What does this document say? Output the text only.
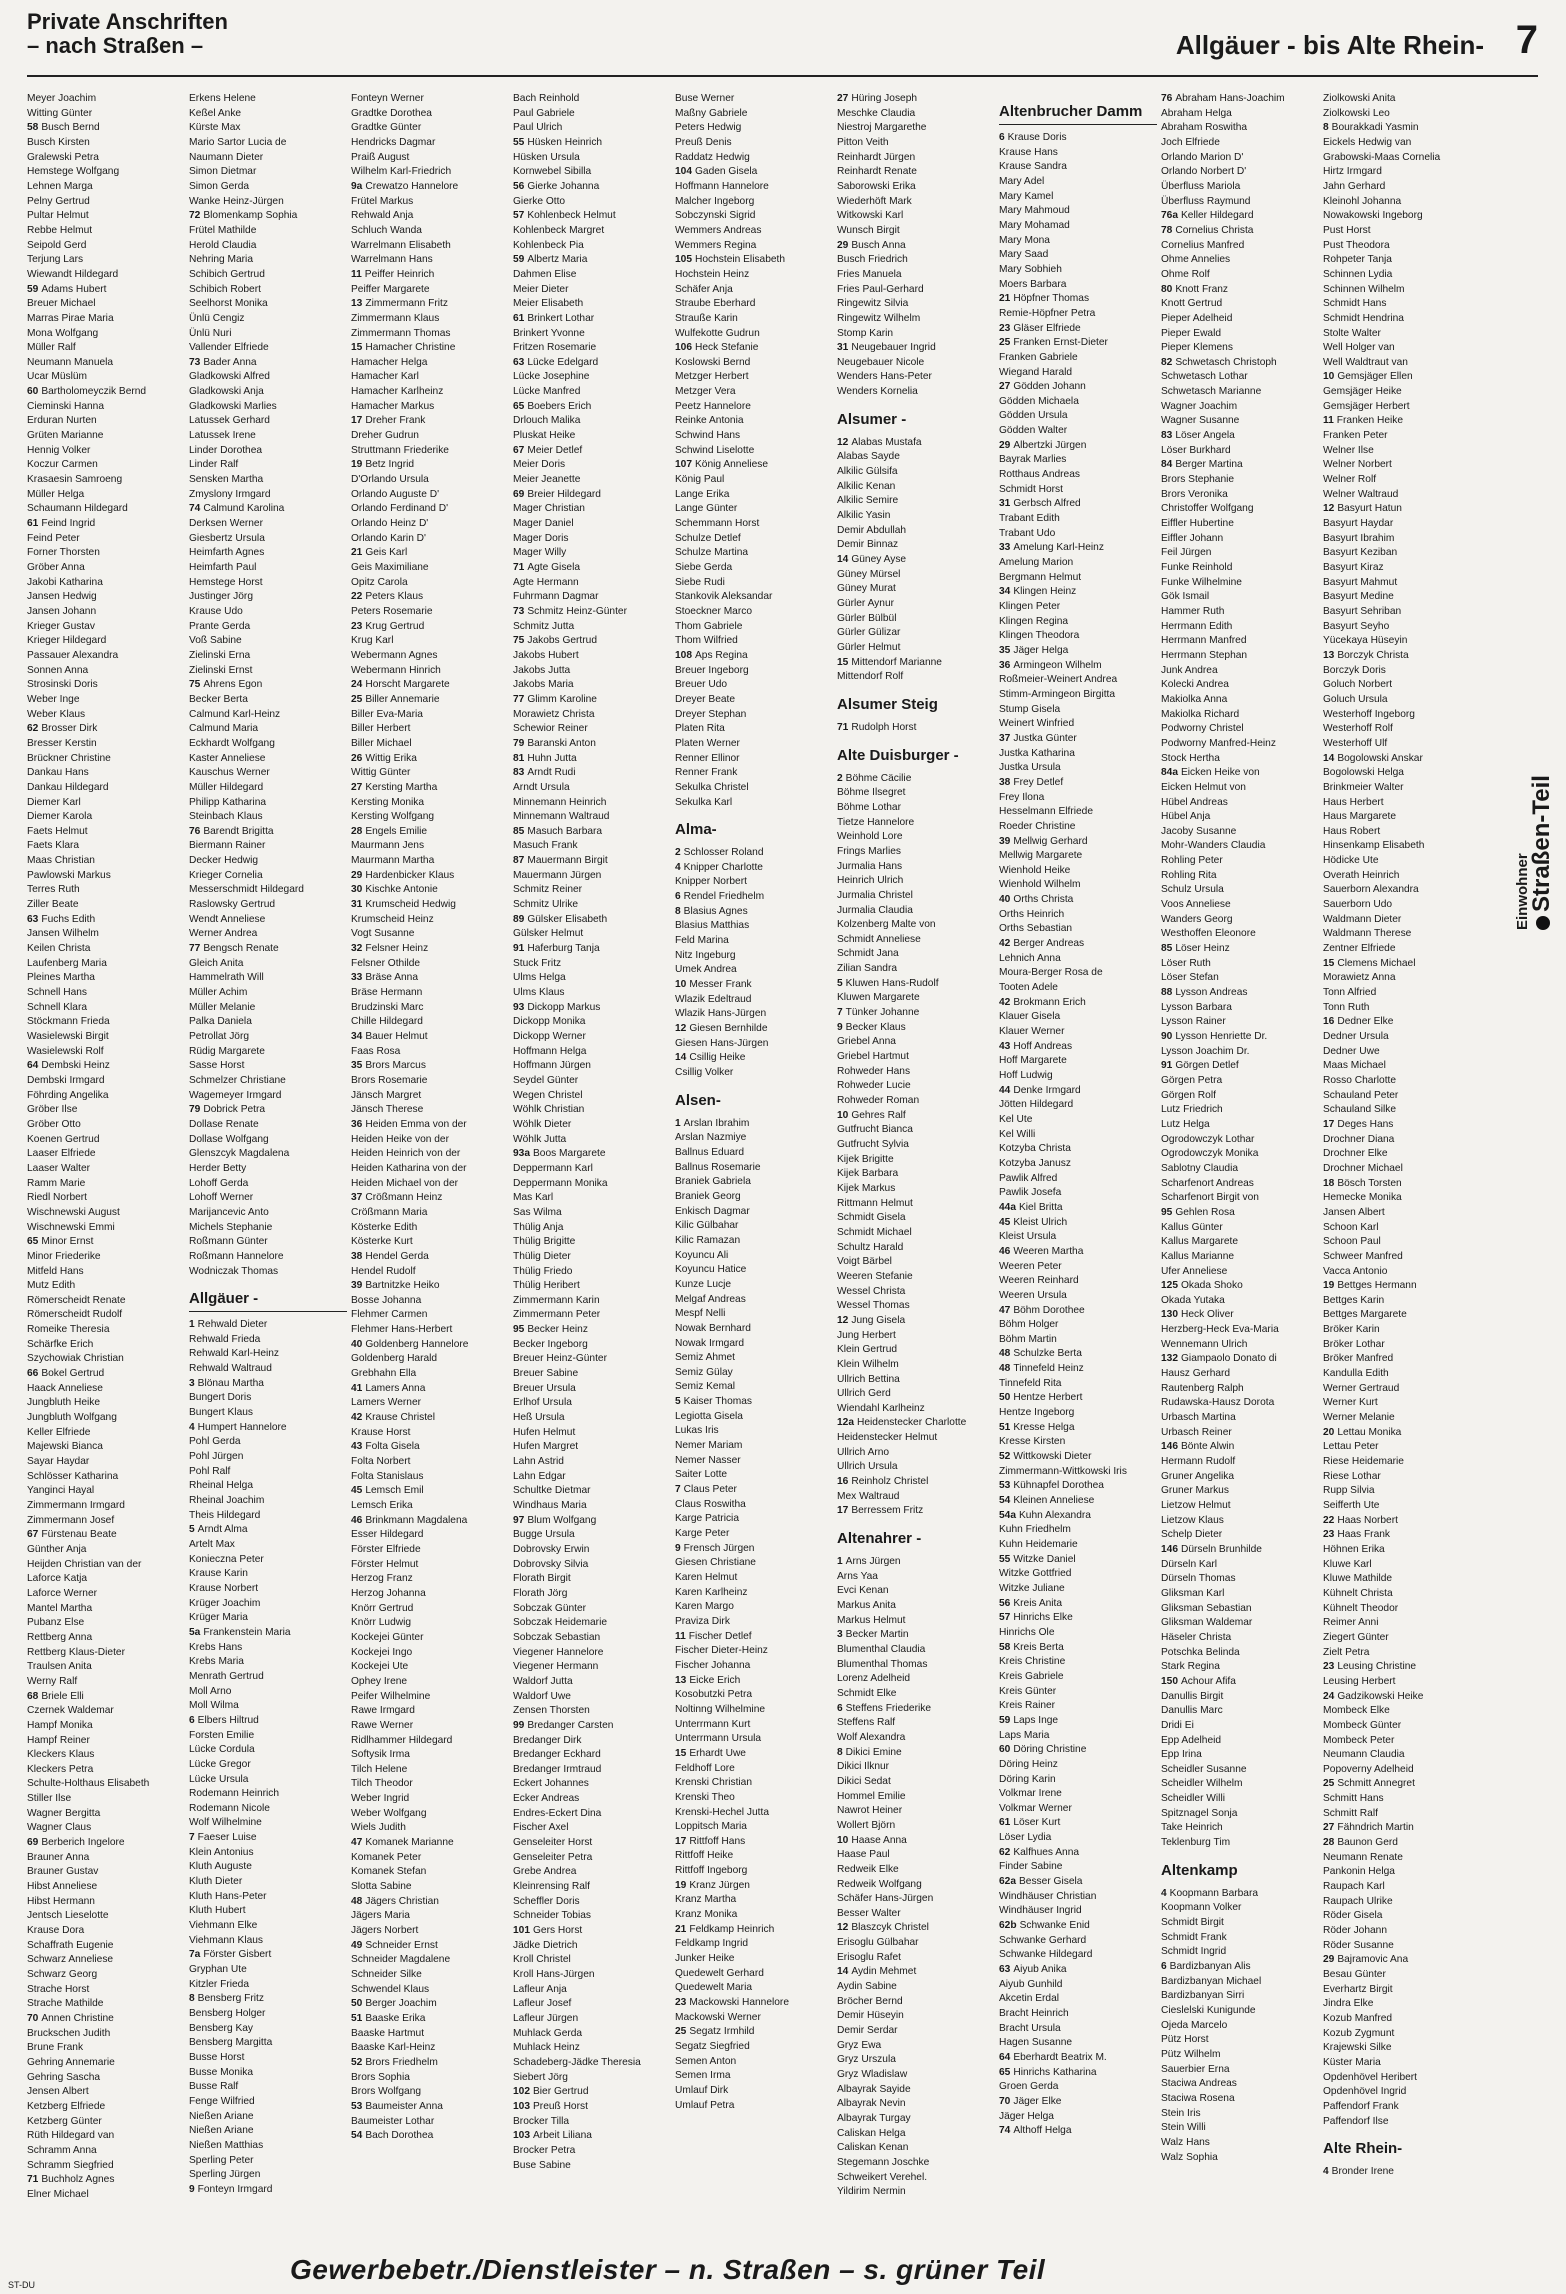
Private Anschriften
– nach Straßen –	Allgäuer - bis Alte Rhein- 7
Meyer Joachim
Witting Günter
58 Busch Bernd
Busch Kirsten
Gralewski Petra
Hemstege Wolfgang
Lehnen Marga
Pelny Gertrud
Pultar Helmut
Rebbe Helmut
Seipold Gerd
Terjung Lars
Wiewandt Hildegard
59 Adams Hubert
Breuer Michael
Marras Pirae Maria
Mona Wolfgang
Müller Ralf
Neumann Manuela
Ucar Müslüm
60 Bartholomeyczik Bernd
Cieminski Hanna
Erduran Nurten
Grüten Marianne
Hennig Volker
Koczur Carmen
Krasaesin Samroeng
Müller Helga
Schaumann Hildegard
61 Feind Ingrid
Feind Peter
Forner Thorsten
Gröber Anna
Jakobi Katharina
Jansen Hedwig
Jansen Johann
Krieger Gustav
Krieger Hildegard
Passauer Alexandra
Sonnen Anna
Strosinski Doris
Weber Inge
Weber Klaus
62 Brosser Dirk
Bresser Kerstin
Brückner Christine
Dankau Hans
Dankau Hildegard
Diemer Karl
Diemer Karola
Faets Helmut
Faets Klara
Maas Christian
Pawlowski Markus
Terres Ruth
Ziller Beate
63 Fuchs Edith
Jansen Wilhelm
Keilen Christa
Laufenberg Maria
Pleines Martha
Schnell Hans
Schnell Klara
Stöckmann Frieda
Wasielewski Birgit
Wasielewski Rolf
64 Dembski Heinz
Dembski Irmgard
Föhrding Angelika
Gröber Ilse
Gröber Otto
Koenen Gertrud
Laaser Elfriede
Laaser Walter
Ramm Marie
Riedl Norbert
Wischnewski August
Wischnewski Emmi
65 Minor Ernst
Minor Friederike
Mitfeld Hans
Mutz Edith
Römerscheidt Renate
Römerscheidt Rudolf
Romeike Theresia
Schärfke Erich
Szychowiak Christian
66 Bokel Gertrud
Haack Anneliese
Jungbluth Heike
Jungbluth Wolfgang
Keller Elfriede
Majewski Bianca
Sayar Haydar
Schlösser Katharina
Yanginci Hayal
Zimmermann Irmgard
Zimmermann Josef
67 Fürstenau Beate
Günther Anja
Heijden Christian van der
Laforce Katja
Laforce Werner
Mantel Martha
Pubanz Else
Rettberg Anna
Rettberg Klaus-Dieter
Traulsen Anita
Werny Ralf
68 Briele Elli
Czernek Waldemar
Hampf Monika
Hampf Reiner
Kleckers Klaus
Kleckers Petra
Schulte-Holthaus Elisabeth
Stiller Ilse
Wagner Bergitta
Wagner Claus
69 Berberich Ingelore
Brauner Anna
Brauner Gustav
Hibst Anneliese
Hibst Hermann
Jentsch Lieselotte
Krause Dora
Schaffrath Eugenie
Schwarz Anneliese
Schwarz Georg
Strache Horst
Strache Mathilde
70 Annen Christine
Bruckschen Judith
Brune Frank
Gehring Annemarie
Gehring Sascha
Jensen Albert
Ketzberg Elfriede
Ketzberg Günter
Rüth Hildegard van
Schramm Anna
Schramm Siegfried
71 Buchholz Agnes
Elner Michael
Erkens Helene
Keßel Anke
Kürste Max
Mario Sartor Lucia de
Naumann Dieter
Simon Dietmar
Simon Gerda
Wanke Heinz-Jürgen
72 Blomenkamp Sophia
Frütel Mathilde
Herold Claudia
Nehring Maria
Schibich Gertrud
Schibich Robert
Seelhorst Monika
Ünlü Cengiz
Ünlü Nuri
Vallender Elfriede
73 Bader Anna
Gladkowski Alfred
Gladkowski Anja
Gladkowski Marlies
Latussek Gerhard
Latussek Irene
Linder Dorothea
Linder Ralf
Sensken Martha
Zmyslony Irmgard
74 Calmund Karolina
Derksen Werner
Giesbertz Ursula
Heimfarth Agnes
Heimfarth Paul
Hemstege Horst
Justinger Jörg
Krause Udo
Prante Gerda
Voß Sabine
Zielinski Erna
Zielinski Ernst
75 Ahrens Egon
Becker Berta
Calmund Karl-Heinz
Calmund Maria
Eckhardt Wolfgang
Kaster Anneliese
Kauschus Werner
Müller Hildegard
Philipp Katharina
Steinbach Klaus
76 Barendt Brigitta
Biermann Rainer
Decker Hedwig
Krieger Cornelia
Messerschmidt Hildegard
Raslowsky Gertrud
Wendt Anneliese
Werner Andrea
77 Bengsch Renate
Gleich Anita
Hammelrath Will
Müller Achim
Müller Melanie
Palka Daniela
Petrollat Jörg
Rüdig Margarete
Sasse Horst
Schmelzer Christiane
Wagemeyer Irmgard
79 Dobrick Petra
Dollase Renate
Dollase Wolfgang
Glenszcyk Magdalena
Herder Betty
Lohoff Gerda
Lohoff Werner
Marijancevic Anto
Michels Stephanie
Roßmann Günter
Roßmann Hannelore
Wodniczak Thomas
Allgäuer -
1 Rehwald Dieter
Rehwald Frieda
Rehwald Karl-Heinz
Rehwald Waltraud
3 Blönau Martha
Bungert Doris
Bungert Klaus
4 Humpert Hannelore
Pohl Gerda
Pohl Jürgen
Pohl Ralf
Rheinal Helga
Rheinal Joachim
Theis Hildegard
5 Arndt Alma
Artelt Max
Konieczna Peter
Krause Karin
Krause Norbert
Krüger Joachim
Krüger Maria
5a Frankenstein Maria
Krebs Hans
Krebs Maria
Menrath Gertrud
Moll Arno
Moll Wilma
6 Elbers Hiltrud
Forsten Emilie
Lücke Cordula
Lücke Gregor
Lücke Ursula
Rodemann Heinrich
Rodemann Nicole
Wolf Wilhelmine
7 Faeser Luise
Klein Antonius
Kluth Auguste
Kluth Dieter
Kluth Hans-Peter
Kluth Hubert
Viehmann Elke
Viehmann Klaus
7a Förster Gisbert
Gryphan Ute
Kitzler Frieda
8 Bensberg Fritz
Bensberg Holger
Bensberg Kay
Bensberg Margitta
Busse Horst
Busse Monika
Busse Ralf
Fenge Wilfried
Nießen Ariane
Nießen Ariane
Nießen Matthias
Sperling Peter
Sperling Jürgen
9 Fonteyn Irmgard
Fonteyn Werner
Gradtke Dorothea
Gradtke Günter
Hendricks Dagmar
Praiß August
Wilhelm Karl-Friedrich
9a Crewatzo Hannelore
Frütel Markus
Rehwald Anja
Schluch Wanda
Warrelmann Elisabeth
Warrelmann Hans
11 Peiffer Heinrich
Peiffer Margarete
13 Zimmermann Fritz
Zimmermann Klaus
Zimmermann Thomas
15 Hamacher Christine
Hamacher Helga
Hamacher Karl
Hamacher Karlheinz
Hamacher Markus
17 Dreher Frank
Dreher Gudrun
Struttmann Friederike
19 Betz Ingrid
D'Orlando Ursula
Orlando Auguste D'
Orlando Ferdinand D'
Orlando Heinz D'
Orlando Karin D'
21 Geis Karl
Geis Maximiliane
Opitz Carola
22 Peters Klaus
Peters Rosemarie
23 Krug Gertrud
Krug Karl
Webermann Agnes
Webermann Hinrich
24 Horscht Margarete
25 Biller Annemarie
Biller Eva-Maria
Biller Herbert
Biller Michael
26 Wittig Erika
Wittig Günter
27 Kersting Martha
Kersting Monika
Kersting Wolfgang
28 Engels Emilie
Maurmann Jens
Maurmann Martha
29 Hardenbicker Klaus
30 Kischke Antonie
31 Krumscheid Hedwig
Krumscheid Heinz
Vogt Susanne
32 Felsner Heinz
Felsner Othilde
33 Bräse Anna
Bräse Hermann
Brudzinski Marc
Chille Hildegard
34 Bauer Helmut
Faas Rosa
35 Brors Marcus
Brors Rosemarie
Jänsch Margret
Jänsch Therese
36 Heiden Emma von der
Heiden Heike von der
Heiden Heinrich von der
Heiden Katharina von der
Heiden Michael von der
37 Crößmann Heinz
Crößmann Maria
Kösterke Edith
Kösterke Kurt
38 Hendel Gerda
Hendel Rudolf
39 Bartnitzke Heiko
Bosse Johanna
Flehmer Carmen
Flehmer Hans-Herbert
40 Goldenberg Hannelore
Goldenberg Harald
Grebhahn Ella
41 Lamers Anna
Lamers Werner
42 Krause Christel
Krause Horst
43 Folta Gisela
Folta Norbert
Folta Stanislaus
45 Lemsch Emil
Lemsch Erika
46 Brinkmann Magdalena
Esser Hildegard
Förster Elfriede
Förster Helmut
Herzog Franz
Herzog Johanna
Knörr Gertrud
Knörr Ludwig
Kockejei Günter
Kockejei Ingo
Kockejei Ute
Ophey Irene
Peifer Wilhelmine
Rawe Irmgard
Rawe Werner
Ridlhammer Hildegard
Softysik Irma
Tilch Helene
Tilch Theodor
Weber Ingrid
Weber Wolfgang
Wiels Judith
47 Komanek Marianne
Komanek Peter
Komanek Stefan
Slotta Sabine
48 Jägers Christian
Jägers Maria
Jägers Norbert
49 Schneider Ernst
Schneider Magdalene
Schneider Silke
Schwendel Klaus
50 Berger Joachim
51 Baaske Erika
Baaske Hartmut
Baaske Karl-Heinz
52 Brors Friedhelm
Brors Sophia
Brors Wolfgang
53 Baumeister Anna
Baumeister Lothar
54 Bach Dorothea
Bach Reinhold
Paul Gabriele
Paul Ulrich
55 Hüsken Heinrich
Hüsken Ursula
Kornwebel Sibilla
56 Gierke Johanna
Gierke Otto
57 Kohlenbeck Helmut
Kohlenbeck Margret
Kohlenbeck Pia
59 Albertz Maria
Dahmen Elise
Meier Dieter
Meier Elisabeth
61 Brinkert Lothar
Brinkert Yvonne
Fritzen Rosemarie
63 Lücke Edelgard
Lücke Josephine
Lücke Manfred
65 Boebers Erich
Drlouch Malika
Pluskat Heike
67 Meier Detlef
Meier Doris
Meier Jeanette
69 Breier Hildegard
Mager Christian
Mager Daniel
Mager Doris
Mager Willy
71 Agte Gisela
Agte Hermann
Fuhrmann Dagmar
73 Schmitz Heinz-Günter
Schmitz Jutta
75 Jakobs Gertrud
Jakobs Hubert
Jakobs Jutta
Jakobs Maria
77 Glimm Karoline
Morawietz Christa
Schewior Reiner
79 Baranski Anton
81 Huhn Jutta
83 Arndt Rudi
Arndt Ursula
Minnemann Heinrich
Minnemann Waltraud
85 Masuch Barbara
Masuch Frank
87 Mauermann Birgit
Mauermann Jürgen
Schmitz Reiner
Schmitz Ulrike
89 Gülsker Elisabeth
Gülsker Helmut
91 Haferburg Tanja
Stuck Fritz
Ulms Helga
Ulms Klaus
93 Dickopp Markus
Dickopp Monika
Dickopp Werner
Hoffmann Helga
Hoffmann Jürgen
Seydel Günter
Wegen Christel
Wöhlk Christian
Wöhlk Dieter
Wöhlk Jutta
93a Boos Margarete
Deppermann Karl
Deppermann Monika
Mas Karl
Sas Wilma
Thülig Anja
Thülig Brigitte
Thülig Dieter
Thülig Friedo
Thülig Heribert
Zimmermann Karin
Zimmermann Peter
95 Becker Heinz
Becker Ingeborg
Breuer Heinz-Günter
Breuer Sabine
Breuer Ursula
Erlhof Ursula
Heß Ursula
Hufen Helmut
Hufen Margret
Lahn Astrid
Lahn Edgar
Schultke Dietmar
Windhaus Maria
97 Blum Wolfgang
Bugge Ursula
Dobrovsky Erwin
Dobrovsky Silvia
Florath Birgit
Florath Jörg
Sobczak Günter
Sobczak Heidemarie
Sobczak Sebastian
Viegener Hannelore
Viegener Hermann
Waldorf Jutta
Waldorf Uwe
Zensen Thorsten
99 Bredanger Carsten
Bredanger Dirk
Bredanger Eckhard
Bredanger Irmtraud
Eckert Johannes
Ecker Andreas
Endres-Eckert Dina
Fischer Axel
Genseleiter Horst
Genseleiter Petra
Grebe Andrea
Kleinrensing Ralf
Scheffler Doris
Schneider Tobias
101 Gers Horst
Jädke Dietrich
Kroll Christel
Kroll Hans-Jürgen
Lafleur Anja
Lafleur Josef
Lafleur Jürgen
Muhlack Gerda
Muhlack Heinz
Schadeberg-Jädke Theresia
Siebert Jörg
102 Bier Gertrud
103 Preuß Horst
Brocker Tilla
103 Arbeit Liliana
Brocker Petra
Buse Sabine
Buse Werner
Maßny Gabriele
Peters Hedwig
Preuß Denis
Raddatz Hedwig
104 Gaden Gisela
Hoffmann Hannelore
Malcher Ingeborg
Sobczynski Sigrid
Wemmers Andreas
Wemmers Regina
105 Hochstein Elisabeth
Hochstein Heinz
Schäfer Anja
Straube Eberhard
Strauße Karin
Wulfekotte Gudrun
106 Heck Stefanie
Koslowski Bernd
Metzger Herbert
Metzger Vera
Peetz Hannelore
Reinke Antonia
Schwind Hans
Schwind Liselotte
107 König Anneliese
König Paul
Lange Erika
Lange Günter
Schemmann Horst
Schulze Detlef
Schulze Martina
Siebe Gerda
Siebe Rudi
Stankovik Aleksandar
Stoeckner Marco
Thom Gabriele
Thom Wilfried
108 Aps Regina
Breuer Ingeborg
Breuer Udo
Dreyer Beate
Dreyer Stephan
Platen Rita
Platen Werner
Renner Ellinor
Renner Frank
Sekulka Christel
Sekulka Karl
Alma-
2 Schlosser Roland
4 Knipper Charlotte
Knipper Norbert
6 Rendel Friedhelm
8 Blasius Agnes
Blasius Matthias
Feld Marina
Nitz Ingeburg
Umek Andrea
10 Messer Frank
Wlazik Edeltraud
Wlazik Hans-Jürgen
12 Giesen Bernhilde
Giesen Hans-Jürgen
14 Csillig Heike
Csillig Volker
Alsen-
1 Arslan Ibrahim
Arslan Nazmiye
Ballnus Eduard
Ballnus Rosemarie
Braniek Gabriela
Braniek Georg
Enkisch Dagmar
Kilic Gülbahar
Kilic Ramazan
Koyuncu Ali
Koyuncu Hatice
Kunze Lucje
Melgaf Andreas
Mespf Nelli
Nowak Bernhard
Nowak Irmgard
Semiz Ahmet
Semiz Gülay
Semiz Kemal
5 Kaiser Thomas
Legiotta Gisela
Lukas Iris
Nemer Mariam
Nemer Nasser
Saiter Lotte
7 Claus Peter
Claus Roswitha
Karge Patricia
Karge Peter
9 Frensch Jürgen
Giesen Christiane
Karen Helmut
Karen Karlheinz
Karen Margo
Praviza Dirk
11 Fischer Detlef
Fischer Dieter-Heinz
Fischer Johanna
13 Eicke Erich
Kosobutzki Petra
Noltinng Wilhelmine
Unterrmann Kurt
Unterrmann Ursula
15 Erhardt Uwe
Feldhoff Lore
Krenski Christian
Krenski Theo
Krenski-Hechel Jutta
Loppitsch Maria
17 Rittfoff Hans
Rittfoff Heike
Rittfoff Ingeborg
19 Kranz Jürgen
Kranz Martha
Kranz Monika
21 Feldkamp Heinrich
Feldkamp Ingrid
Junker Heike
Quedewelt Gerhard
Quedewelt Maria
23 Mackowski Hannelore
Mackowski Werner
25 Segatz Irmhild
Segatz Siegfried
Semen Anton
Semen Irma
Umlauf Dirk
Umlauf Petra
27 Hüring Joseph
Meschke Claudia
Niestroj Margarethe
Pitton Veith
Reinhardt Jürgen
Reinhardt Renate
Saborowski Erika
Wiederhöft Mark
Witkowski Karl
Wunsch Birgit
29 Busch Anna
Busch Friedrich
Fries Manuela
Fries Paul-Gerhard
Ringewitz Silvia
Ringewitz Wilhelm
Stomp Karin
31 Neugebauer Ingrid
Neugebauer Nicole
Wenders Hans-Peter
Wenders Kornelia
Alsumer -
12 Alabas Mustafa
Alabas Sayde
Alkilic Gülsifa
Alkilic Kenan
Alkilic Semire
Alkilic Yasin
Demir Abdullah
Demir Binnaz
14 Güney Ayse
Güney Mürsel
Güney Murat
Gürler Aynur
Gürler Bülbül
Gürler Gülizar
Gürler Helmut
15 Mittendorf Marianne
Mittendorf Rolf
Alsumer Steig
71 Rudolph Horst
Alte Duisburger -
2 Böhme Cäcilie
Böhme Ilsegret
Böhme Lothar
Tietze Hannelore
Weinhold Lore
Frings Marlies
Jurmalia Hans
Heinrich Ulrich
Jurmalia Christel
Jurmalia Claudia
Kolzenberg Malte von
Schmidt Anneliese
Schmidt Jana
Zilian Sandra
5 Kluwen Hans-Rudolf
Kluwen Margarete
7 Tünker Johanne
9 Becker Klaus
Griebel Anna
Griebel Hartmut
Rohweder Hans
Rohweder Lucie
Rohweder Roman
10 Gehres Ralf
Gutfrucht Bianca
Gutfrucht Sylvia
Kijek Brigitte
Kijek Barbara
Kijek Markus
Rittmann Helmut
Schmidt Gisela
Schmidt Michael
Schultz Harald
Voigt Bärbel
Weeren Stefanie
Wessel Christa
Wessel Thomas
12 Jung Gisela
Jung Herbert
Klein Gertrud
Klein Wilhelm
Ullrich Bettina
Ullrich Gerd
Wiendahl Karlheinz
12a Heidenstecker Charlotte
Heidenstecker Helmut
Ullrich Arno
Ullrich Ursula
16 Reinholz Christel
Mex Waltraud
17 Berressem Fritz
Altenahrer -
1 Arns Jürgen
Arns Yaa
Evci Kenan
Markus Anita
Markus Helmut
3 Becker Martin
Blumenthal Claudia
Blumenthal Thomas
Lorenz Adelheid
Schmidt Elke
6 Steffens Friederike
Steffens Ralf
Wolf Alexandra
8 Dikici Emine
Dikici Ilknur
Dikici Sedat
Hommel Emilie
Nawrot Heiner
Wollert Björn
10 Haase Anna
Haase Paul
Redweik Elke
Redweik Wolfgang
Schäfer Hans-Jürgen
Besser Walter
12 Blaszcyk Christel
Erisoglu Gülbahar
Erisoglu Rafet
14 Aydin Mehmet
Aydin Sabine
Bröcher Bernd
Demir Hüseyin
Demir Serdar
Gryz Ewa
Gryz Urszula
Gryz Wladislaw
Albayrak Sayide
Albayrak Nevin
Albayrak Turgay
Caliskan Helga
Caliskan Kenan
Stegemann Joschke
Schweikert Verehel.
Yildirim Nermin
Altenbrucher Damm
6 Krause Doris
Krause Hans
Krause Sandra
Mary Adel
Mary Kamel
Mary Mahmoud
Mary Mohamad
Mary Mona
Mary Saad
Mary Sobhieh
Moers Barbara
21 Höpfner Thomas
Remie-Höpfner Petra
23 Gläser Elfriede
25 Franken Ernst-Dieter
Franken Gabriele
Wiegand Harald
27 Gödden Johann
Gödden Michaela
Gödden Ursula
Gödden Walter
29 Albertzki Jürgen
Bayrak Marlies
Rotthaus Andreas
Schmidt Horst
31 Gerbsch Alfred
Trabant Edith
Trabant Udo
33 Amelung Karl-Heinz
Amelung Marion
Bergmann Helmut
34 Klingen Heinz
Klingen Peter
Klingen Regina
Klingen Theodora
35 Jäger Helga
36 Armingeon Wilhelm
Roßmeier-Weinert Andrea
Stimm-Armingeon Birgitta
Stump Gisela
Weinert Winfried
37 Justka Günter
Justka Katharina
Justka Ursula
38 Frey Detlef
Frey Ilona
Hesselmann Elfriede
Roeder Christine
39 Mellwig Gerhard
Mellwig Margarete
Wienhold Heike
Wienhold Wilhelm
40 Orths Christa
Orths Heinrich
Orths Sebastian
42 Berger Andreas
Lehnich Anna
Moura-Berger Rosa de
Tooten Adele
42 Brokmann Erich
Klauer Gisela
Klauer Werner
43 Hoff Andreas
Hoff Margarete
Hoff Ludwig
44 Denke Irmgard
Jötten Hildegard
Kel Ute
Kel Willi
Kotzyba Christa
Kotzyba Janusz
Pawlik Alfred
Pawlik Josefa
44a Kiel Britta
45 Kleist Ulrich
Kleist Ursula
46 Weeren Martha
Weeren Peter
Weeren Reinhard
Weeren Ursula
47 Böhm Dorothee
Böhm Holger
Böhm Martin
48 Schulzke Berta
48 Tinnefeld Heinz
Tinnefeld Rita
50 Hentze Herbert
Hentze Ingeborg
51 Kresse Helga
Kresse Kirsten
52 Wittkowski Dieter
Zimmermann-Wittkowski Iris
53 Kühnapfel Dorothea
54 Kleinen Anneliese
54a Kuhn Alexandra
Kuhn Friedhelm
Kuhn Heidemarie
55 Witzke Daniel
Witzke Gottfried
Witzke Juliane
56 Kreis Anita
57 Hinrichs Elke
Hinrichs Ole
58 Kreis Berta
Kreis Christine
Kreis Gabriele
Kreis Günter
Kreis Rainer
59 Laps Inge
Laps Maria
60 Döring Christine
Döring Heinz
Döring Karin
Volkmar Irene
Volkmar Werner
61 Löser Kurt
Löser Lydia
62 Kalfhues Anna
Finder Sabine
62a Besser Gisela
Windhäuser Christian
Windhäuser Ingrid
62b Schwanke Enid
Schwanke Gerhard
Schwanke Hildegard
63 Aiyub Anika
Aiyub Gunhild
Akcetin Erdal
Bracht Heinrich
Bracht Ursula
Hagen Susanne
64 Eberhardt Beatrix M.
65 Hinrichs Katharina
Groen Gerda
70 Jäger Elke
Jäger Helga
74 Althoff Helga
76 Abraham Hans-Joachim
Abraham Helga
Abraham Roswitha
Joch Elfriede
Orlando Marion D'
Orlando Norbert D'
Überfluss Mariola
Überfluss Raymund
76a Keller Hildegard
78 Cornelius Christa
Cornelius Manfred
Ohme Annelies
Ohme Rolf
80 Knott Franz
Knott Gertrud
Pieper Adelheid
Pieper Ewald
Pieper Klemens
82 Schwetasch Christoph
Schwetasch Lothar
Schwetasch Marianne
Wagner Joachim
Wagner Susanne
83 Löser Angela
Löser Burkhard
84 Berger Martina
Brors Stephanie
Brors Veronika
Christoffer Wolfgang
Eiffler Hubertine
Eiffler Johann
Feil Jürgen
Funke Reinhold
Funke Wilhelmine
Gök Ismail
Hammer Ruth
Herrmann Edith
Herrmann Manfred
Herrmann Stephan
Junk Andrea
Kolecki Andrea
Makiolka Anna
Makiolka Richard
Podworny Christel
Podworny Manfred-Heinz
Stock Hertha
84a Eicken Heike von
Eicken Helmut von
Hübel Andreas
Hübel Anja
Jacoby Susanne
Mohr-Wanders Claudia
Rohling Peter
Rohling Rita
Schulz Ursula
Voos Anneliese
Wanders Georg
Westhoffen Eleonore
85 Löser Heinz
Löser Ruth
Löser Stefan
88 Lysson Andreas
Lysson Barbara
Lysson Rainer
90 Lysson Henriette Dr.
Lysson Joachim Dr.
91 Görgen Detlef
Görgen Petra
Görgen Rolf
Lutz Friedrich
Lutz Helga
Ogrodowczyk Lothar
Ogrodowczyk Monika
Sablotny Claudia
Scharfenort Andreas
Scharfenort Birgit von
95 Gehlen Rosa
Kallus Günter
Kallus Margarete
Kallus Marianne
Ufer Anneliese
125 Okada Shoko
Okada Yutaka
130 Heck Oliver
Herzberg-Heck Eva-Maria
Wennemann Ulrich
132 Giampaolo Donato di
Hausz Gerhard
Rautenberg Ralph
Rudawska-Hausz Dorota
Urbasch Martina
Urbasch Reiner
146 Bönte Alwin
Hermann Rudolf
Gruner Angelika
Gruner Markus
Lietzow Helmut
Lietzow Klaus
Schelp Dieter
146 Dürseln Brunhilde
Dürseln Karl
Dürseln Thomas
Gliksman Karl
Gliksman Sebastian
Gliksman Waldemar
Häseler Christa
Potschka Belinda
Stark Regina
150 Achour Afifa
Danullis Birgit
Danullis Marc
Dridi Ei
Epp Adelheid
Epp Irina
Scheidler Susanne
Scheidler Wilhelm
Scheidler Willi
Spitznagel Sonja
Take Heinrich
Teklenburg Tim
Altenkamp
4 Koopmann Barbara
Koopmann Volker
Schmidt Birgit
Schmidt Frank
Schmidt Ingrid
6 Bardizbanyan Alis
Bardizbanyan Michael
Bardizbanyan Sirri
Cieslelski Kunigunde
Ojeda Marcelo
Pütz Horst
Pütz Wilhelm
Sauerbier Erna
Staciwa Andreas
Staciwa Rosena
Stein Iris
Stein Willi
Walz Hans
Walz Sophia
Ziolkowski Anita
Ziolkowski Leo
8 Bourakkadi Yasmin
Eickels Hedwig van
Grabowski-Maas Cornelia
Hirtz Irmgard
Jahn Gerhard
Kleinohl Johanna
Nowakowski Ingeborg
Pust Horst
Pust Theodora
Rohpeter Tanja
Schinnen Lydia
Schinnen Wilhelm
Schmidt Hans
Schmidt Hendrina
Stolte Walter
Well Holger van
Well Waldtraut van
10 Gemsjäger Ellen
Gemsjäger Heike
Gemsjäger Herbert
11 Franken Heike
Franken Peter
Welner Ilse
Welner Norbert
Welner Rolf
Welner Waltraud
12 Basyurt Hatun
Basyurt Haydar
Basyurt Ibrahim
Basyurt Keziban
Basyurt Kiraz
Basyurt Mahmut
Basyurt Medine
Basyurt Sehriban
Basyurt Seyho
Yücekaya Hüseyin
13 Borczyk Christa
Borczyk Doris
Goluch Norbert
Goluch Ursula
Westerhoff Ingeborg
Westerhoff Rolf
Westerhoff Ulf
14 Bogolowski Anskar
Bogolowski Helga
Brinkmeier Walter
Haus Herbert
Haus Margarete
Haus Robert
Hinsenkamp Elisabeth
Hödicke Ute
Overath Heinrich
Sauerborn Alexandra
Sauerborn Udo
Waldmann Dieter
Waldmann Therese
Zentner Elfriede
15 Clemens Michael
Morawietz Anna
Tonn Alfried
Tonn Ruth
16 Dedner Elke
Dedner Ursula
Dedner Uwe
Maas Michael
Rosso Charlotte
Schauland Peter
Schauland Silke
17 Deges Hans
Drochner Diana
Drochner Elke
Drochner Michael
18 Bösch Torsten
Hemecke Monika
Jansen Albert
Schoon Karl
Schoon Paul
Schweer Manfred
Vacca Antonio
19 Bettges Hermann
Bettges Karin
Bettges Margarete
Bröker Karin
Bröker Lothar
Bröker Manfred
Kandulla Edith
Werner Gertraud
Werner Kurt
Werner Melanie
20 Lettau Monika
Lettau Peter
Riese Heidemarie
Riese Lothar
Rupp Silvia
Seifferth Ute
22 Haas Norbert
23 Haas Frank
Höhnen Erika
Kluwe Karl
Kluwe Mathilde
Kühnelt Christa
Kühnelt Theodor
Reimer Anni
Ziegert Günter
Zielt Petra
23 Leusing Christine
Leusing Herbert
24 Gadzikowski Heike
Mombeck Elke
Mombeck Günter
Mombeck Peter
Neumann Claudia
Popoverny Adelheid
25 Schmitt Annegret
Schmitt Hans
Schmitt Ralf
27 Fähndrich Martin
28 Baunon Gerd
Neumann Renate
Pankonin Helga
Raupach Karl
Raupach Ulrike
Röder Gisela
Röder Johann
Röder Susanne
29 Bajramovic Ana
Besau Günter
Everhartz Birgit
Jindra Elke
Kozub Manfred
Kozub Zygmunt
Krajewski Silke
Küster Maria
Opdenhövel Heribert
Opdenhövel Ingrid
Paffendorf Frank
Paffendorf Ilse
Alte Rhein-
4 Bronder Irene
Einwohner
Straßen-Teil
ST-DU	Gewerbebetr./Dienstleister – n. Straßen – s. grüner Teil
